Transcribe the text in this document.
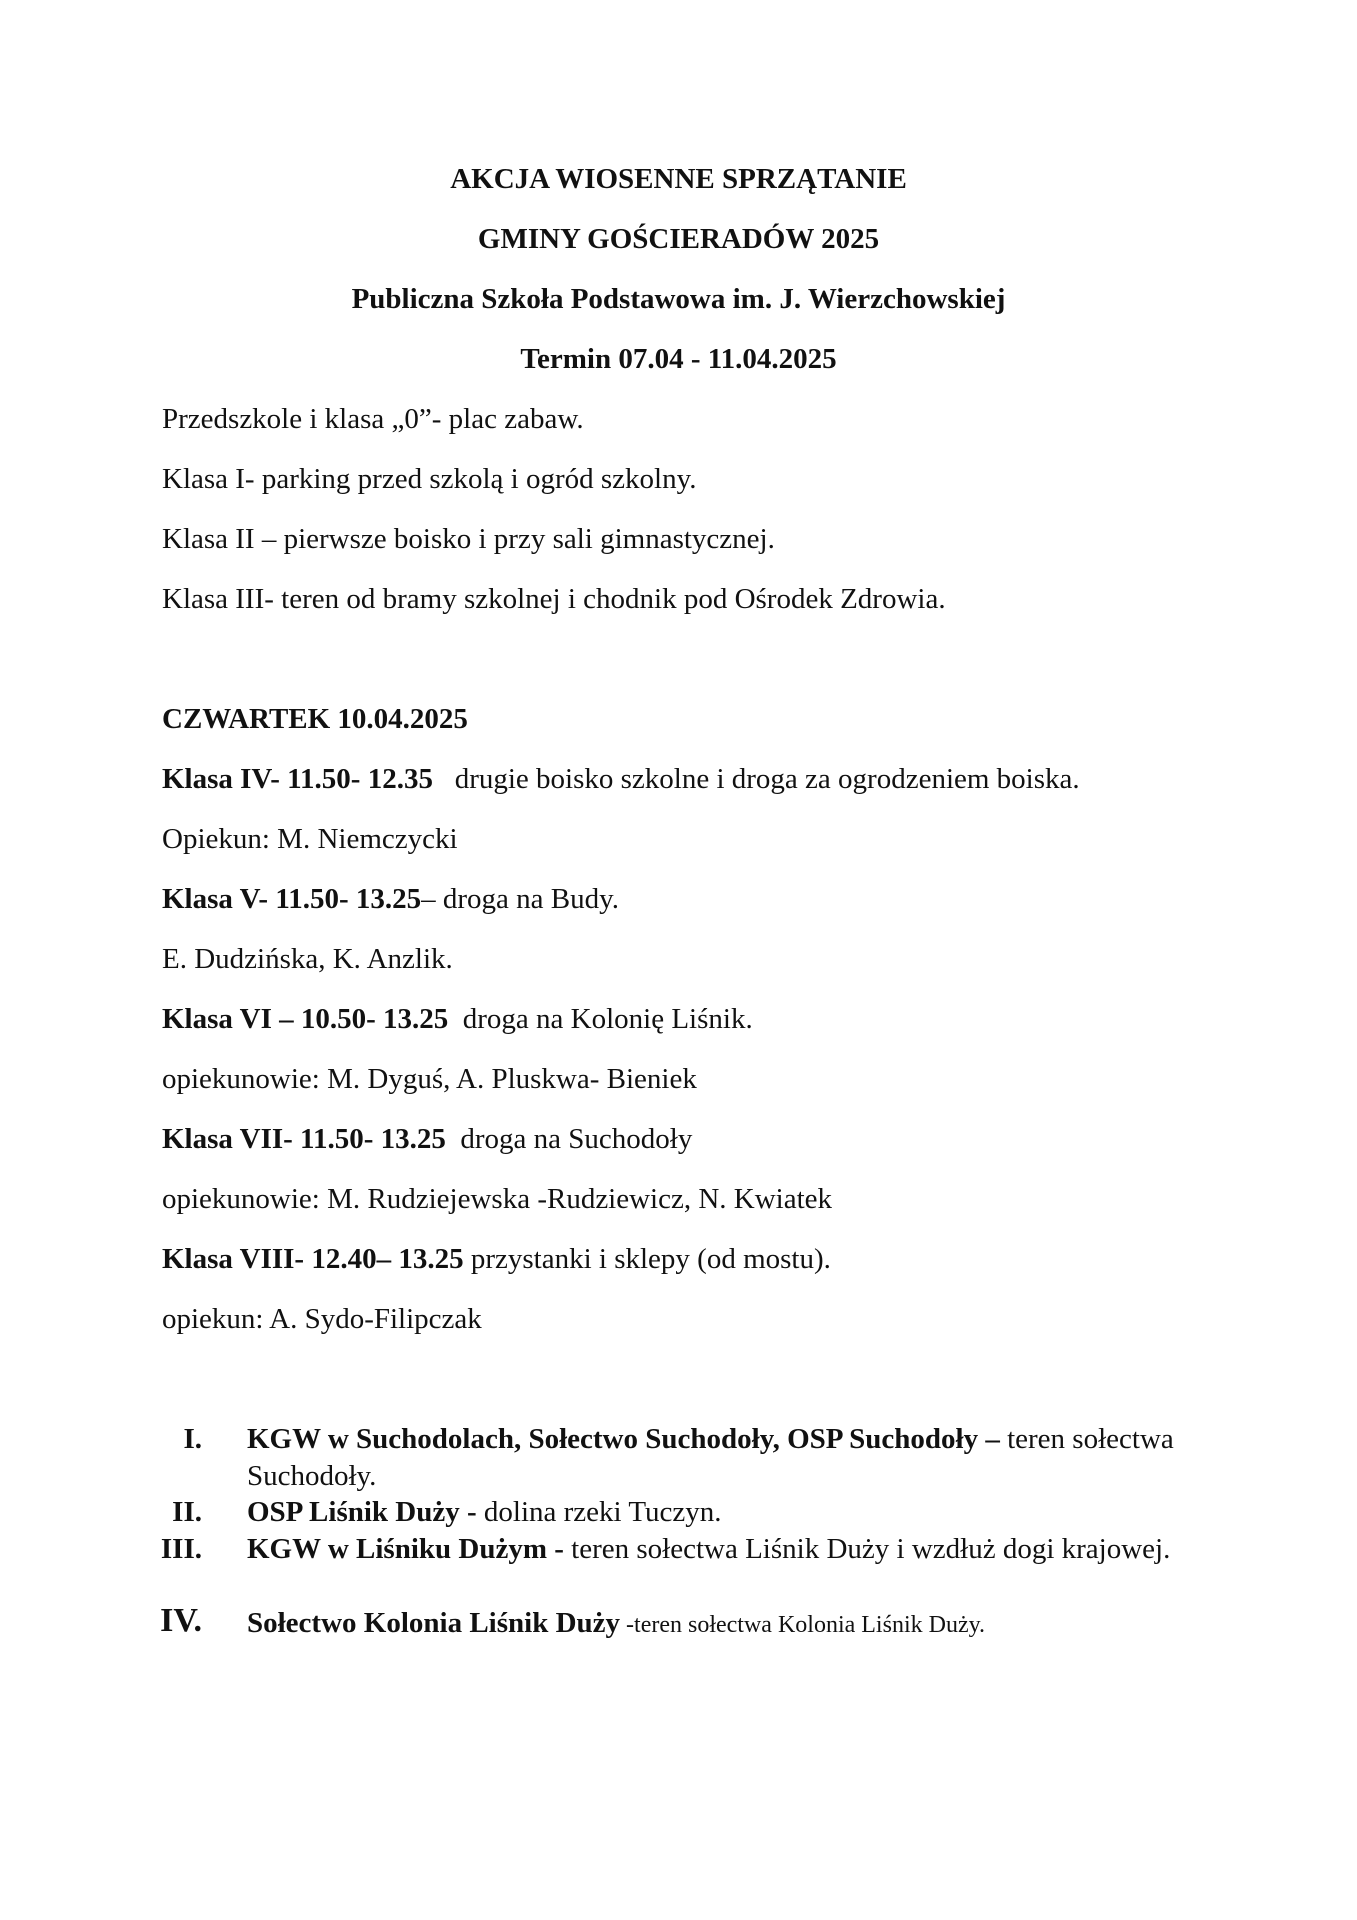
AKCJA WIOSENNE SPRZĄTANIE
GMINY GOŚCIERADÓW 2025
Publiczna Szkoła Podstawowa im. J. Wierzchowskiej
Termin 07.04 - 11.04.2025
Przedszkole i klasa „0”- plac zabaw.
Klasa I- parking przed szkolą i ogród szkolny.
Klasa II – pierwsze boisko i przy sali gimnastycznej.
Klasa III- teren od bramy szkolnej i chodnik pod Ośrodek Zdrowia.
CZWARTEK 10.04.2025
Klasa IV- 11.50- 12.35   drugie boisko szkolne i droga za ogrodzeniem boiska.
Opiekun: M. Niemczycki
Klasa V- 11.50- 13.25– droga na Budy.
E. Dudzińska, K. Anzlik.
Klasa VI – 10.50- 13.25  droga na Kolonię Liśnik.
opiekunowie: M. Dyguś, A. Pluskwa- Bieniek
Klasa VII- 11.50- 13.25  droga na Suchodoły
opiekunowie: M. Rudziejewska -Rudziewicz, N. Kwiatek
Klasa VIII- 12.40– 13.25 przystanki i sklepy (od mostu).
opiekun: A. Sydo-Filipczak
I. KGW w Suchodolach, Sołectwo Suchodoły, OSP Suchodoły – teren sołectwa Suchodoły.
II. OSP Liśnik Duży - dolina rzeki Tuczyn.
III. KGW w Liśniku Dużym - teren sołectwa Liśnik Duży i wzdłuż dogi krajowej.
IV. Sołectwo Kolonia Liśnik Duży -teren sołectwa Kolonia Liśnik Duży.
